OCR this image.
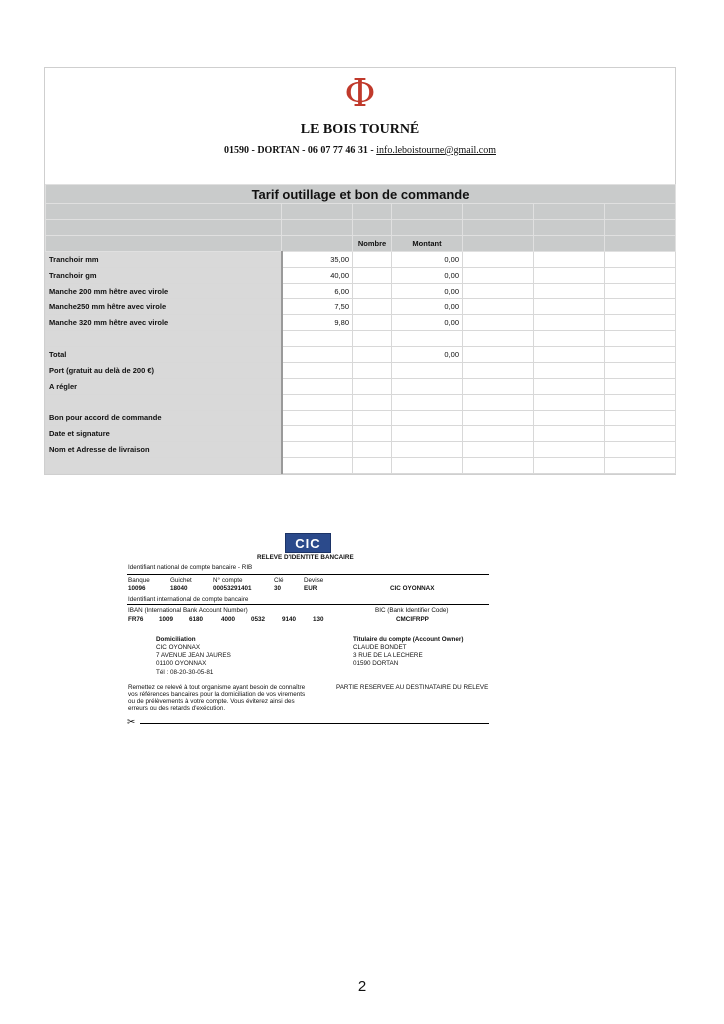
Φ
LE BOIS TOURNÉ
01590 - DORTAN - 06 07 77 46 31 - info.leboistourne@gmail.com
Tarif outillage et bon de commande						

		Nombre	Montant			
Tranchoir mm	35,00		0,00			
Tranchoir gm	40,00		0,00			
Manche 200 mm hêtre avec virole	6,00		0,00			
Manche250 mm hêtre avec virole	7,50		0,00			
Manche 320 mm hêtre avec virole	9,80		0,00			

Total			0,00			
Port (gratuit au delà de 200 €)						
A régler						

Bon pour accord de commande						
Date et signature						
Nom et Adresse de livraison						

CIC
RELEVE D'IDENTITE BANCAIRE
Identifiant national de compte bancaire - RIB
Banque	Guichet	N° compte	Clé	Devise
10096	18040	00053291401	30	EUR	CIC OYONNAX
Identifiant international de compte bancaire
IBAN (International Bank Account Number)	BIC (Bank Identifier Code)
FR76 1009	6180	4000	0532	9140	130	CMCIFRPP
Domiciliation
CIC OYONNAX
7 AVENUE JEAN JAURES
01100 OYONNAX
Tél : 08-20-30-05-81
Titulaire du compte (Account Owner)
CLAUDE BONDET
3 RUE DE LA LECHERE
01590 DORTAN
Remettez ce relevé à tout organisme ayant besoin de connaître
vos références bancaires pour la domiciliation de vos virements
ou de prélèvements à votre compte. Vous éviterez ainsi des
erreurs ou des retards d'exécution.
PARTIE RESERVEE AU DESTINATAIRE DU RELEVE
✂
2
